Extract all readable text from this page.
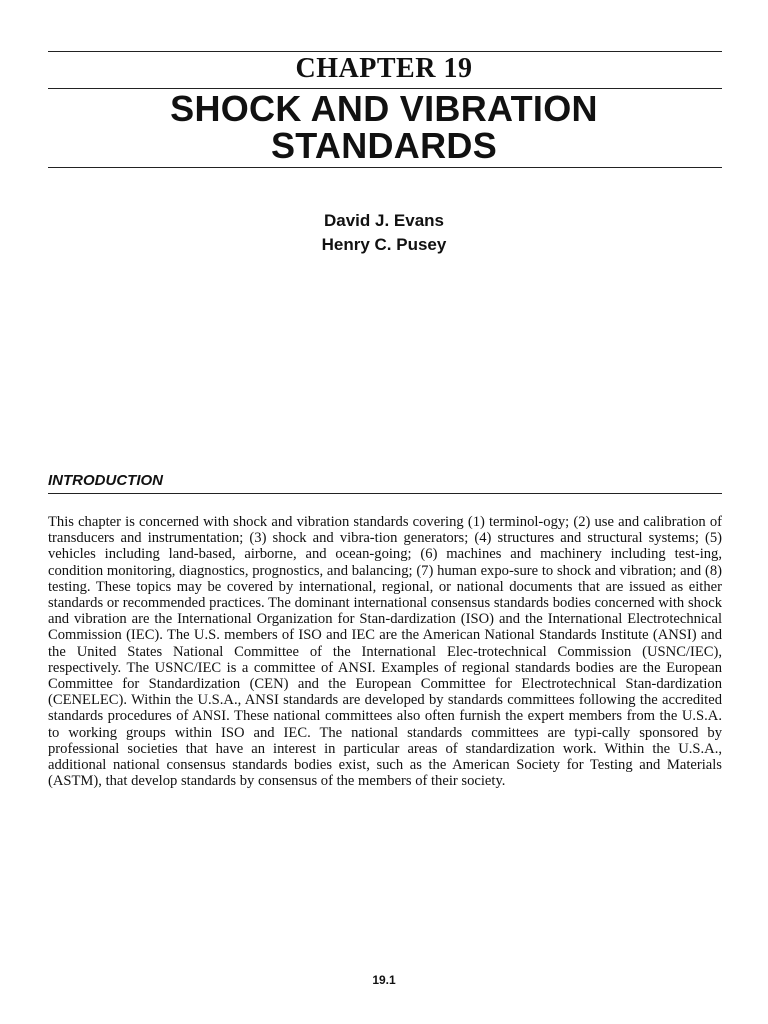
CHAPTER 19
SHOCK AND VIBRATION
STANDARDS
David J. Evans
Henry C. Pusey
INTRODUCTION
This chapter is concerned with shock and vibration standards covering (1) terminol-ogy; (2) use and calibration of transducers and instrumentation; (3) shock and vibra-tion generators; (4) structures and structural systems; (5) vehicles including land-based, airborne, and ocean-going; (6) machines and machinery including test-ing, condition monitoring, diagnostics, prognostics, and balancing; (7) human expo-sure to shock and vibration; and (8) testing. These topics may be covered by international, regional, or national documents that are issued as either standards or recommended practices. The dominant international consensus standards bodies concerned with shock and vibration are the International Organization for Stan-dardization (ISO) and the International Electrotechnical Commission (IEC). The U.S. members of ISO and IEC are the American National Standards Institute (ANSI) and the United States National Committee of the International Elec-trotechnical Commission (USNC/IEC), respectively. The USNC/IEC is a committee of ANSI. Examples of regional standards bodies are the European Committee for Standardization (CEN) and the European Committee for Electrotechnical Stan-dardization (CENELEC). Within the U.S.A., ANSI standards are developed by standards committees following the accredited standards procedures of ANSI. These national committees also often furnish the expert members from the U.S.A. to working groups within ISO and IEC. The national standards committees are typi-cally sponsored by professional societies that have an interest in particular areas of standardization work. Within the U.S.A., additional national consensus standards bodies exist, such as the American Society for Testing and Materials (ASTM), that develop standards by consensus of the members of their society.
19.1
